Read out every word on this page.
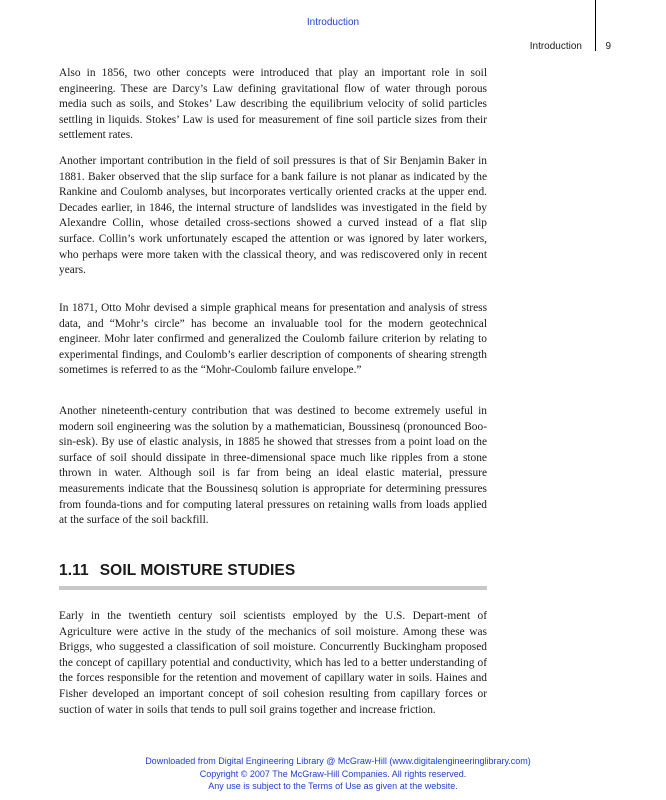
Introduction
Introduction 9

Also in 1856, two other concepts were introduced that play an important role in soil engineering. These are Darcy’s Law defining gravitational flow of water through porous media such as soils, and Stokes’ Law describing the equilibrium velocity of solid particles settling in liquids. Stokes’ Law is used for measurement of fine soil particle sizes from their settlement rates.

Another important contribution in the field of soil pressures is that of Sir Benjamin Baker in 1881. Baker observed that the slip surface for a bank failure is not planar as indicated by the Rankine and Coulomb analyses, but incorporates vertically oriented cracks at the upper end. Decades earlier, in 1846, the internal structure of landslides was investigated in the field by Alexandre Collin, whose detailed cross-sections showed a curved instead of a flat slip surface. Collin’s work unfortunately escaped the attention or was ignored by later workers, who perhaps were more taken with the classical theory, and was rediscovered only in recent years.

In 1871, Otto Mohr devised a simple graphical means for presentation and analysis of stress data, and “Mohr’s circle” has become an invaluable tool for the modern geotechnical engineer. Mohr later confirmed and generalized the Coulomb failure criterion by relating to experimental findings, and Coulomb’s earlier description of components of shearing strength sometimes is referred to as the “Mohr-Coulomb failure envelope.”

Another nineteenth-century contribution that was destined to become extremely useful in modern soil engineering was the solution by a mathematician, Boussinesq (pronounced Boo-sin-esk). By use of elastic analysis, in 1885 he showed that stresses from a point load on the surface of soil should dissipate in three-dimensional space much like ripples from a stone thrown in water. Although soil is far from being an ideal elastic material, pressure measurements indicate that the Boussinesq solution is appropriate for determining pressures from founda-tions and for computing lateral pressures on retaining walls from loads applied at the surface of the soil backfill.

1.11 SOIL MOISTURE STUDIES

Early in the twentieth century soil scientists employed by the U.S. Depart-ment of Agriculture were active in the study of the mechanics of soil moisture. Among these was Briggs, who suggested a classification of soil moisture. Concurrently Buckingham proposed the concept of capillary potential and conductivity, which has led to a better understanding of the forces responsible for the retention and movement of capillary water in soils. Haines and Fisher developed an important concept of soil cohesion resulting from capillary forces or suction of water in soils that tends to pull soil grains together and increase friction.

Downloaded from Digital Engineering Library @ McGraw-Hill (www.digitalengineeringlibrary.com)
Copyright © 2007 The McGraw-Hill Companies. All rights reserved.
Any use is subject to the Terms of Use as given at the website.
